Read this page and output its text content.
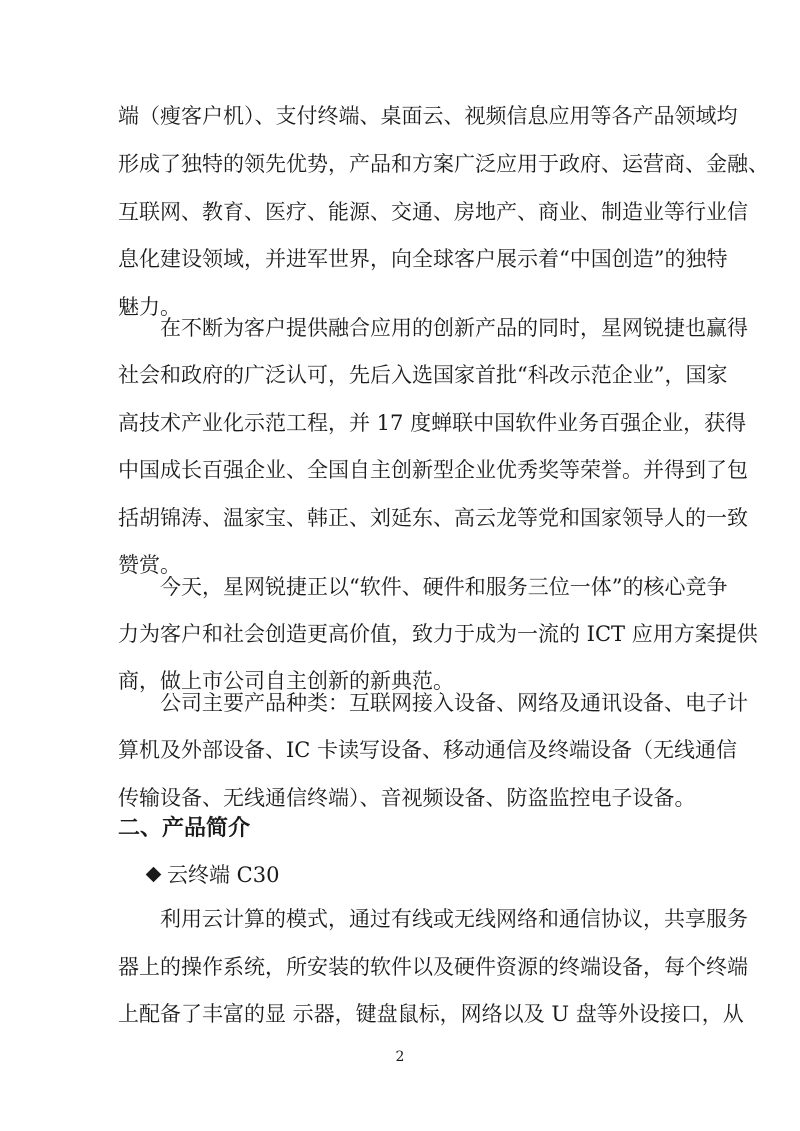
端（瘦客户机）、支付终端、桌面云、视频信息应用等各产品领域均
形成了独特的领先优势，产品和方案广泛应用于政府、运营商、金融、
互联网、教育、医疗、能源、交通、房地产、商业、制造业等行业信
息化建设领域，并进军世界，向全球客户展示着“中国创造”的独特
魅力。
在不断为客户提供融合应用的创新产品的同时，星网锐捷也赢得
社会和政府的广泛认可，先后入选国家首批“科改示范企业”，国家
高技术产业化示范工程，并 17 度蝉联中国软件业务百强企业，获得
中国成长百强企业、全国自主创新型企业优秀奖等荣誉。并得到了包
括胡锦涛、温家宝、韩正、刘延东、高云龙等党和国家领导人的一致
赞赏。
今天，星网锐捷正以“软件、硬件和服务三位一体”的核心竞争
力为客户和社会创造更高价值，致力于成为一流的 ICT 应用方案提供
商，做上市公司自主创新的新典范。
公司主要产品种类：互联网接入设备、网络及通讯设备、电子计
算机及外部设备、IC 卡读写设备、移动通信及终端设备（无线通信
传输设备、无线通信终端）、音视频设备、防盗监控电子设备。
二、产品简介
云终端 C30
利用云计算的模式，通过有线或无线网络和通信协议，共享服务
器上的操作系统，所安装的软件以及硬件资源的终端设备，每个终端
上配备了丰富的显 示器，键盘鼠标，网络以及 U 盘等外设接口，从
2
